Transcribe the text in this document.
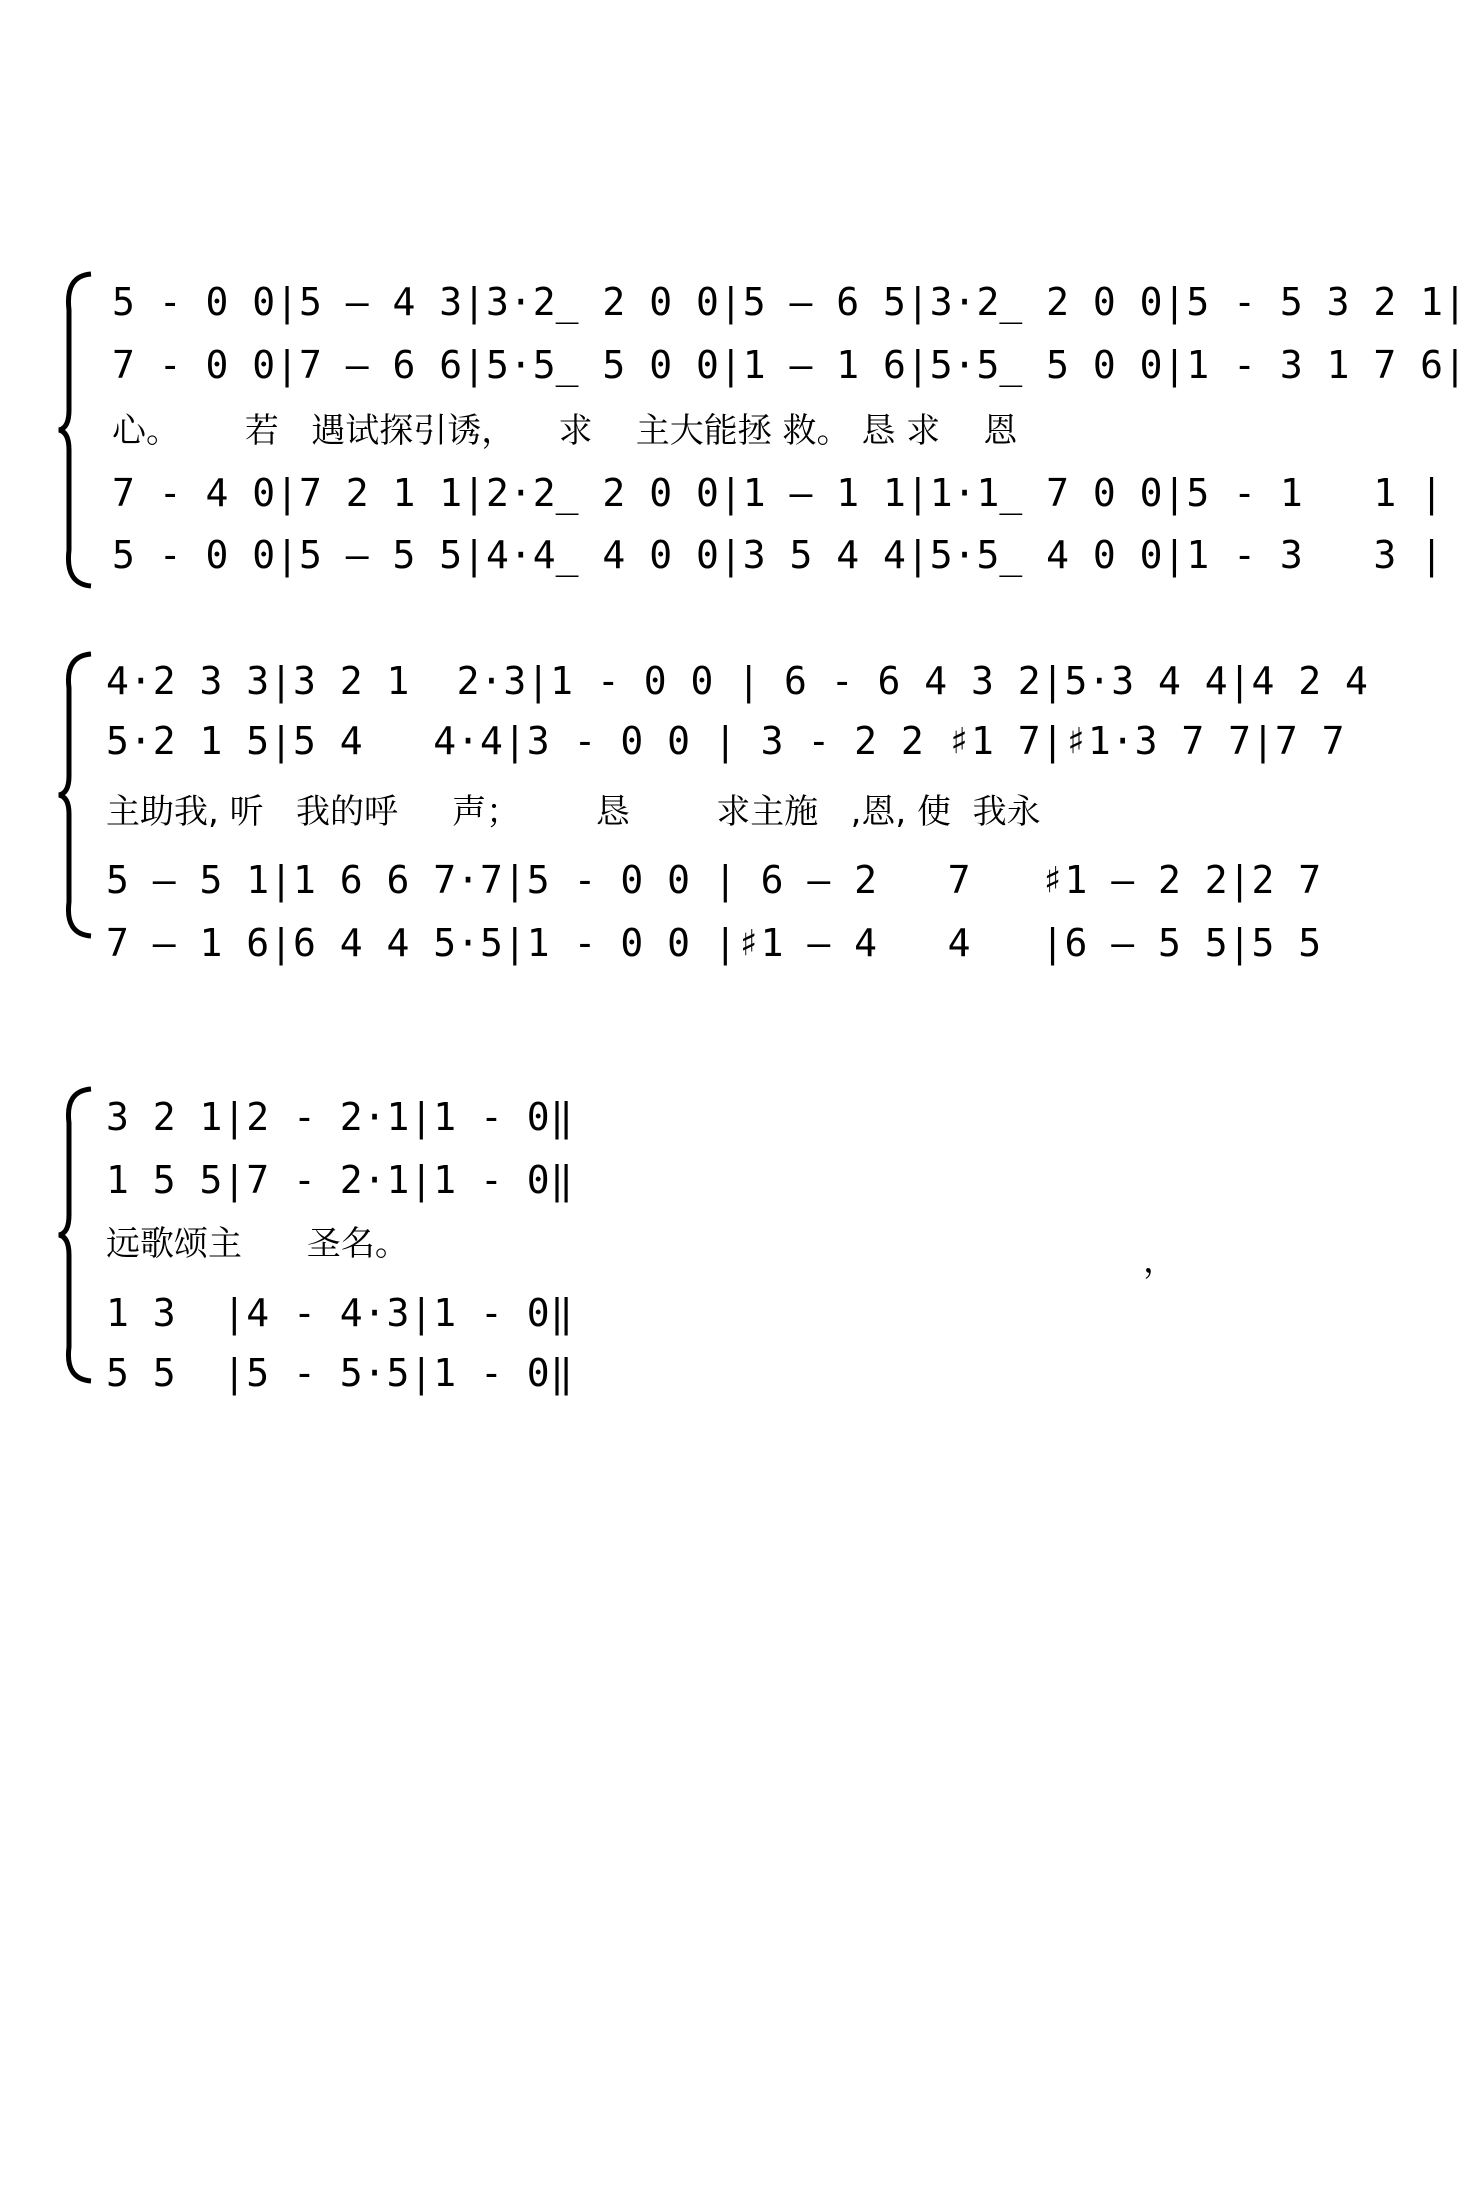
5 - 0 0|5 – 4 3|3·2̲ 2 0 0|5 – 6 5|3·2̲ 2 0 0|5 - 5 3 2 1|
7 - 0 0|7 – 6 6|5·5̲ 5 0 0|1 – 1 6|5·5̲ 5 0 0|1 - 3 1 7 6|
心。      若   遇试探引诱，    求    主大能拯 救。 恳 求    恩
7 - 4 0|7 2 1 1|2·2̲ 2 0 0|1 – 1 1|1·1̲ 7 0 0|5 - 1   1 |
5 - 0 0|5 – 5 5|4·4̲ 4 0 0|3 5 4 4|5·5̲ 4 0 0|1 - 3   3 |
4·2 3 3|3 2 1  2·3|1 - 0 0 | 6 - 6 4 3 2|5·3 4 4|4 2 4
5·2 1 5|5 4   4·4|3 - 0 0 | 3 - 2 2 ♯1 7|♯1·3 7 7|7 7
主助我, 听   我的呼     声；       恳        求主施   ,恩, 使  我永
5 – 5 1|1 6 6 7·7|5 - 0 0 | 6 – 2   7   ♯1 – 2 2|2 7
7 – 1 6|6 4 4 5·5|1 - 0 0 |♯1 – 4   4   |6 – 5 5|5 5
3 2 1|2 - 2·1|1 - 0‖
1 5 5|7 - 2·1|1 - 0‖
远歌颂主      圣名。
1 3  |4 - 4·3|1 - 0‖
5 5  |5 - 5·5|1 - 0‖
，
